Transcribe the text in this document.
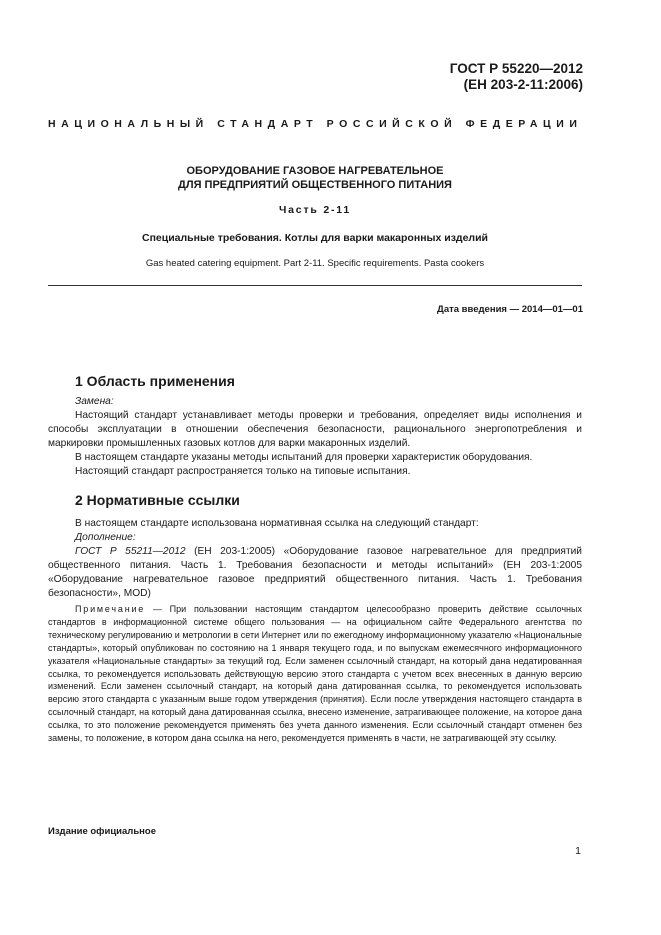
ГОСТ Р 55220—2012
(ЕН 203-2-11:2006)
НАЦИОНАЛЬНЫЙ СТАНДАРТ РОССИЙСКОЙ ФЕДЕРАЦИИ
ОБОРУДОВАНИЕ ГАЗОВОЕ НАГРЕВАТЕЛЬНОЕ
ДЛЯ ПРЕДПРИЯТИЙ ОБЩЕСТВЕННОГО ПИТАНИЯ
Часть 2-11
Специальные требования. Котлы для варки макаронных изделий
Gas heated catering equipment. Part 2-11. Specific requirements. Pasta cookers
Дата введения — 2014—01—01
1 Область применения

Замена:

Настоящий стандарт устанавливает методы проверки и требования, определяет виды исполнения и способы эксплуатации в отношении обеспечения безопасности, рационального энергопотребления и маркировки промышленных газовых котлов для варки макаронных изделий.

В настоящем стандарте указаны методы испытаний для проверки характеристик оборудования.

Настоящий стандарт распространяется только на типовые испытания.

2 Нормативные ссылки

В настоящем стандарте использована нормативная ссылка на следующий стандарт:

Дополнение:

ГОСТ Р 55211—2012 (ЕН 203-1:2005) «Оборудование газовое нагревательное для предприятий общественного питания. Часть 1. Требования безопасности и методы испытаний» (ЕН 203-1:2005 «Оборудование нагревательное газовое предприятий общественного питания. Часть 1. Требования безопасности», MOD)

Примечание — При пользовании настоящим стандартом целесообразно проверить действие ссылочных стандартов в информационной системе общего пользования — на официальном сайте Федерального агентства по техническому регулированию и метрологии в сети Интернет или по ежегодному информационному указателю «Национальные стандарты», который опубликован по состоянию на 1 января текущего года, и по выпускам ежемесячного информационного указателя «Национальные стандарты» за текущий год. Если заменен ссылочный стандарт, на который дана недатированная ссылка, то рекомендуется использовать действующую версию этого стандарта с учетом всех внесенных в данную версию изменений. Если заменен ссылочный стандарт, на который дана датированная ссылка, то рекомендуется использовать версию этого стандарта с указанным выше годом утверждения (принятия). Если после утверждения настоящего стандарта в ссылочный стандарт, на который дана датированная ссылка, внесено изменение, затрагивающее положение, на которое дана ссылка, то это положение рекомендуется применять без учета данного изменения. Если ссылочный стандарт отменен без замены, то положение, в котором дана ссылка на него, рекомендуется применять в части, не затрагивающей эту ссылку.

Издание официальное
1
